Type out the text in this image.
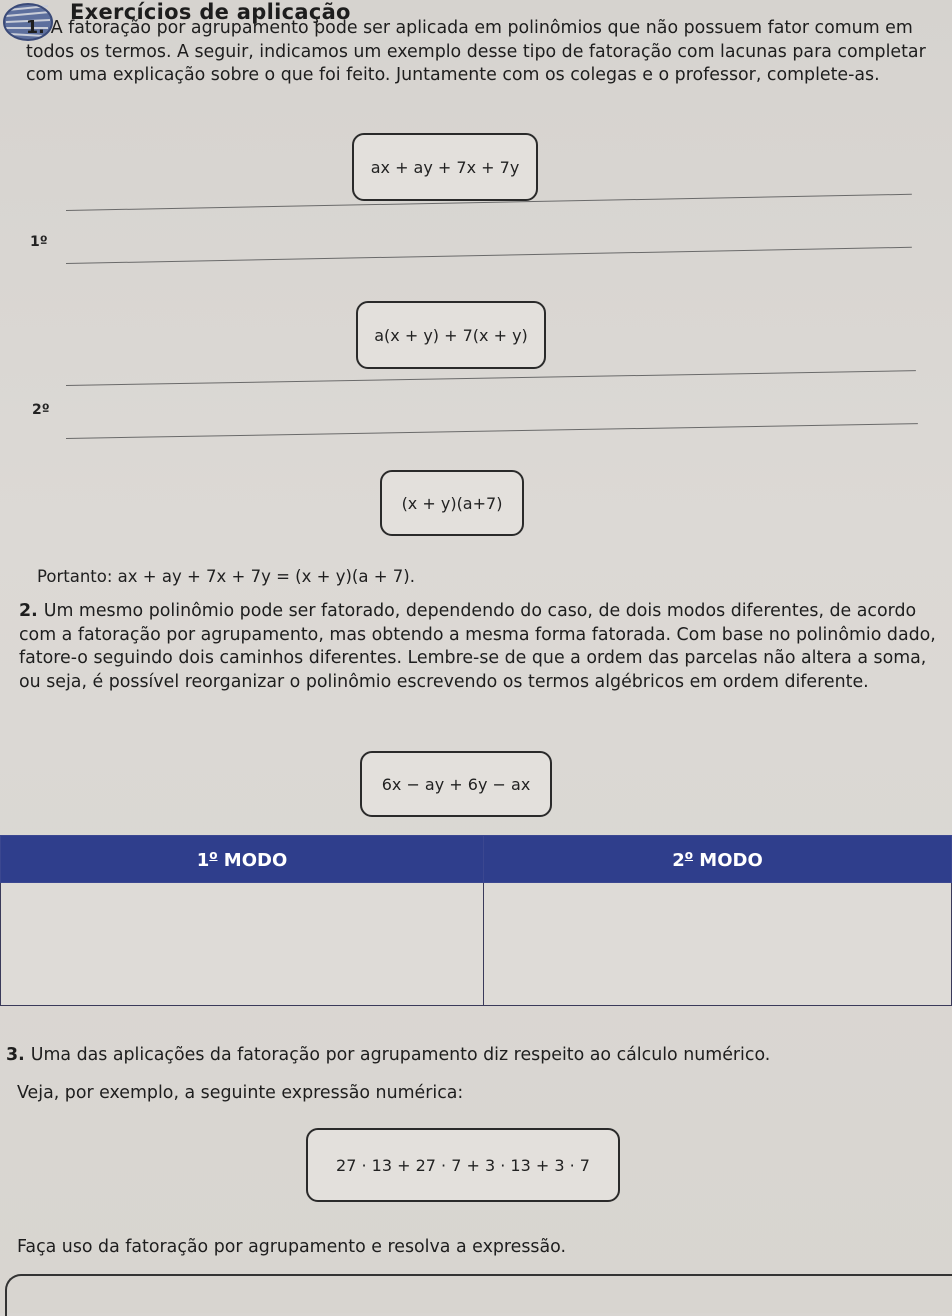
Exercícios de aplicação
1. A fatoração por agrupamento pode ser aplicada em polinômios que não possuem fator comum em todos os termos. A seguir, indicamos um exemplo desse tipo de fatoração com lacunas para completar com uma explicação sobre o que foi feito. Juntamente com os colegas e o professor, complete-as.
ax + ay + 7x + 7y
1º
a(x + y) + 7(x + y)
2º
(x + y)(a+7)
Portanto: ax + ay + 7x + 7y = (x + y)(a + 7).
2. Um mesmo polinômio pode ser fatorado, dependendo do caso, de dois modos diferentes, de acordo com a fatoração por agrupamento, mas obtendo a mesma forma fatorada. Com base no polinômio dado, fatore-o seguindo dois caminhos diferentes. Lembre-se de que a ordem das parcelas não altera a soma, ou seja, é possível reorganizar o polinômio escrevendo os termos algébricos em ordem diferente.
6x − ay + 6y − ax
1$^o$ MODO	2$^o$ MODO

3. Uma das aplicações da fatoração por agrupamento diz respeito ao cálculo numérico.
Veja, por exemplo, a seguinte expressão numérica:
27 · 13 + 27 · 7 + 3 · 13 + 3 · 7
Faça uso da fatoração por agrupamento e resolva a expressão.
